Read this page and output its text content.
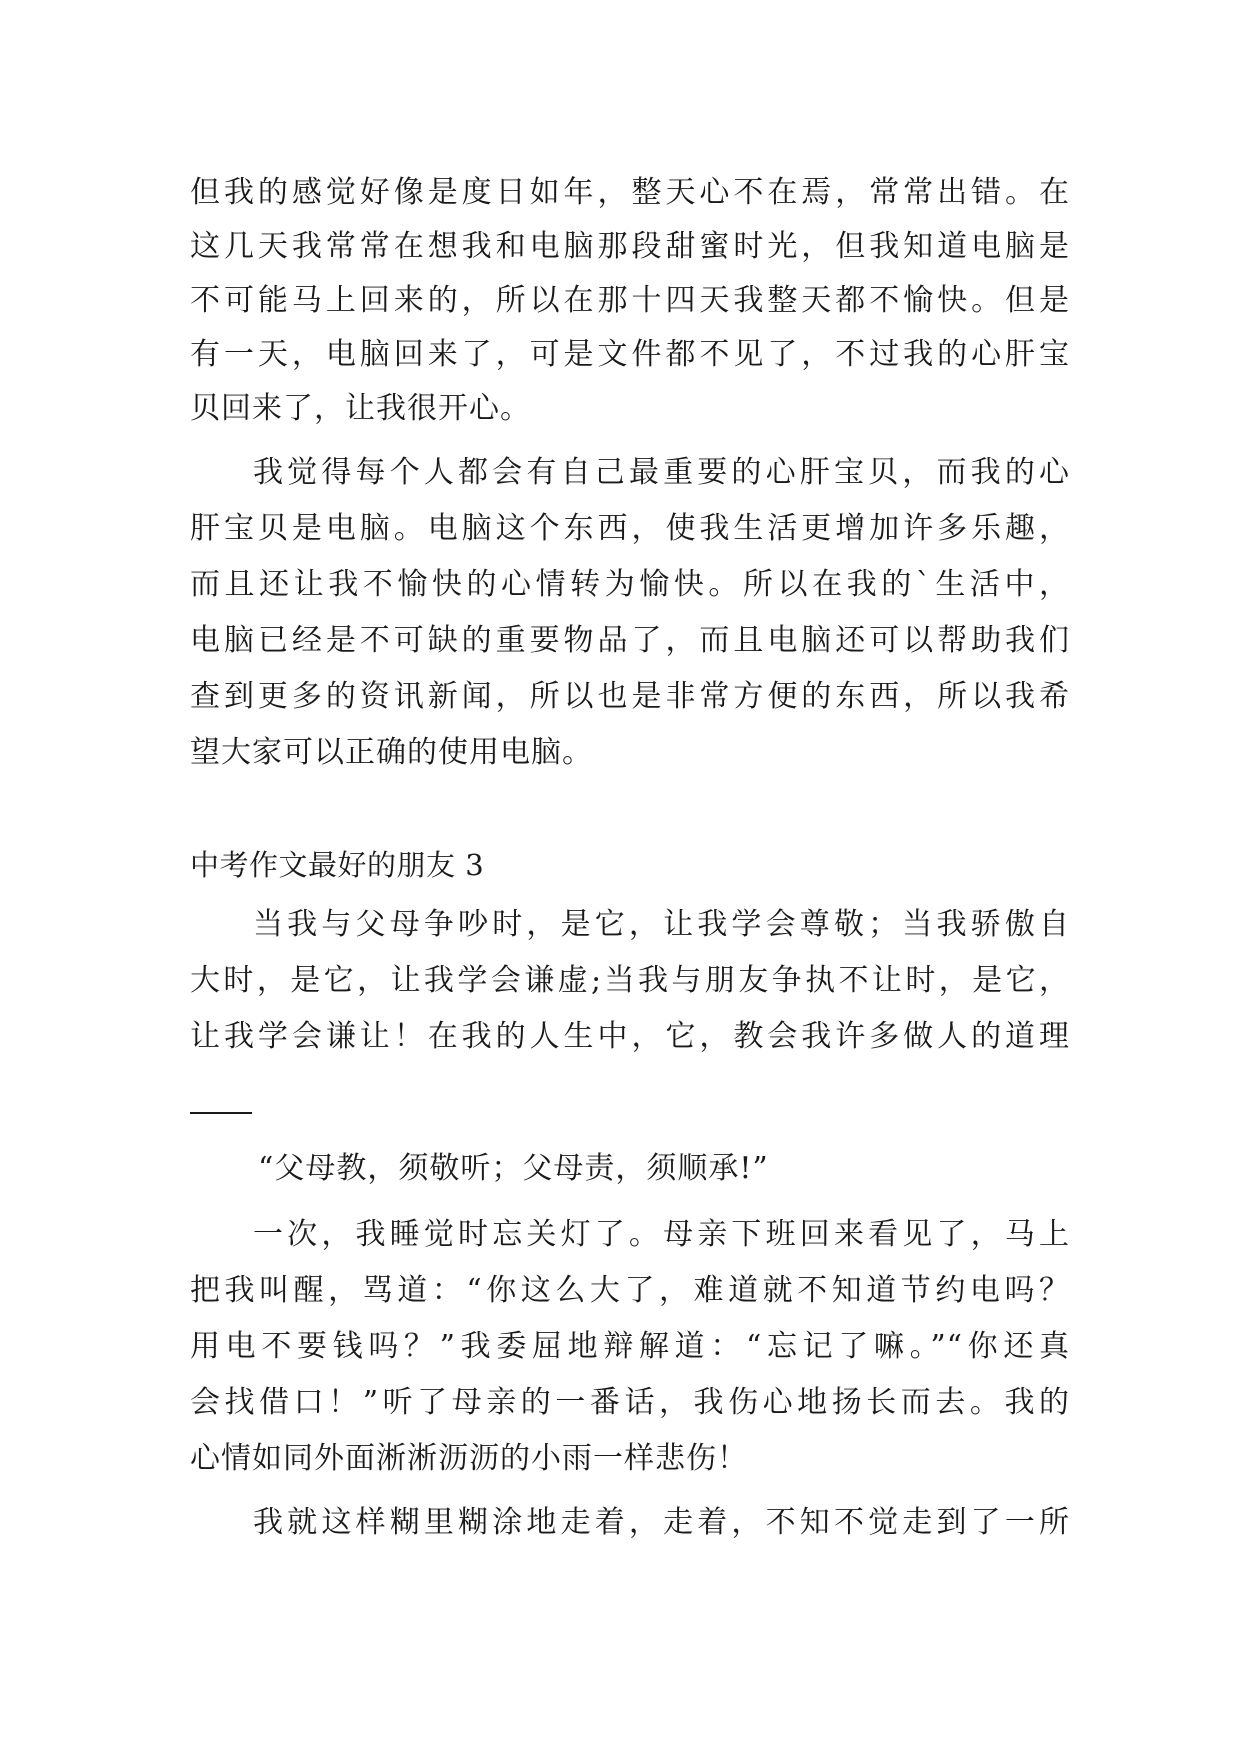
但我的感觉好像是度日如年，整天心不在焉，常常出错。在
这几天我常常在想我和电脑那段甜蜜时光，但我知道电脑是
不可能马上回来的，所以在那十四天我整天都不愉快。但是
有一天，电脑回来了，可是文件都不见了，不过我的心肝宝
贝回来了，让我很开心。
我觉得每个人都会有自己最重要的心肝宝贝，而我的心
肝宝贝是电脑。电脑这个东西，使我生活更增加许多乐趣，
而且还让我不愉快的心情转为愉快。所以在我的`生活中，
电脑已经是不可缺的重要物品了，而且电脑还可以帮助我们
查到更多的资讯新闻，所以也是非常方便的东西，所以我希
望大家可以正确的使用电脑。
中考作文最好的朋友 3
当我与父母争吵时，是它，让我学会尊敬；当我骄傲自
大时，是它，让我学会谦虚;当我与朋友争执不让时，是它，
让我学会谦让！在我的人生中，它，教会我许多做人的道理
“父母教，须敬听；父母责，须顺承!”
一次，我睡觉时忘关灯了。母亲下班回来看见了，马上
把我叫醒，骂道：“你这么大了，难道就不知道节约电吗？
用电不要钱吗？”我委屈地辩解道：“忘记了嘛。”“你还真
会找借口！”听了母亲的一番话，我伤心地扬长而去。我的
心情如同外面淅淅沥沥的小雨一样悲伤！
我就这样糊里糊涂地走着，走着，不知不觉走到了一所
